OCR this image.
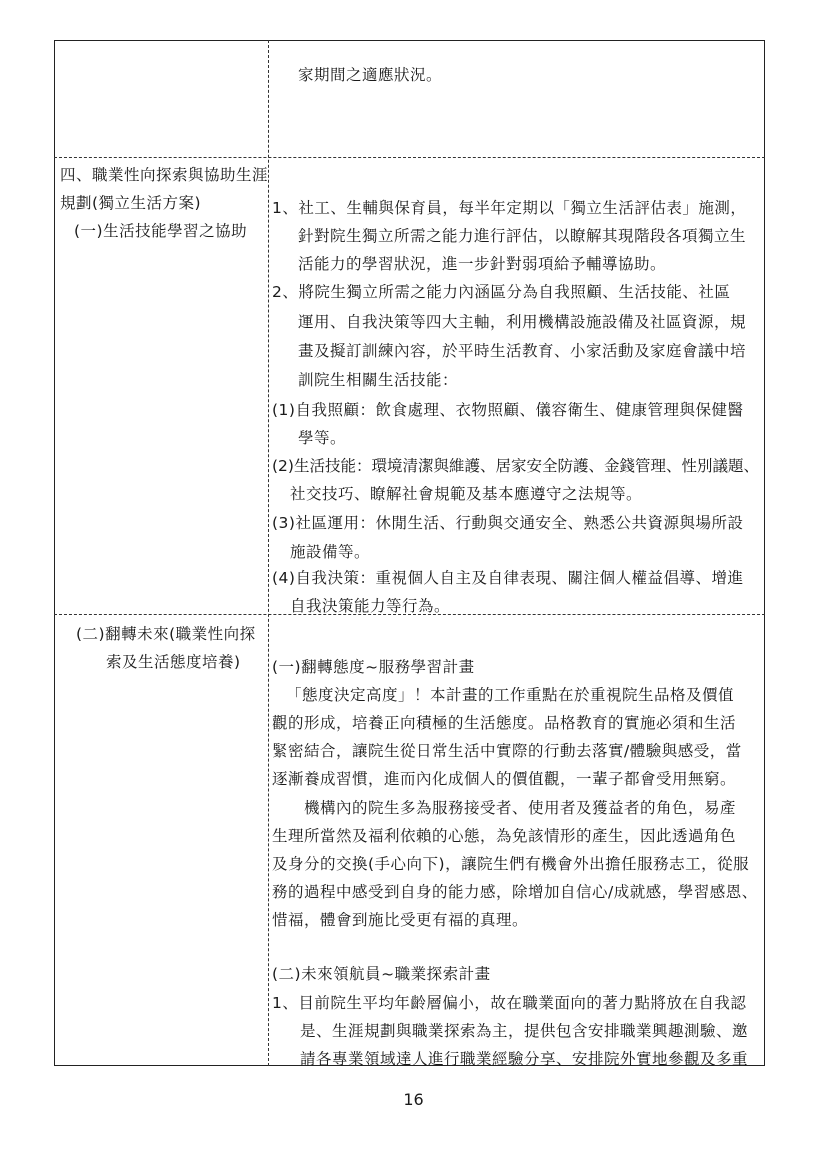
四、職業性向探索與協助生涯
規劃(獨立生活方案)
(一)生活技能學習之協助
(二)翻轉未來(職業性向探
索及生活態度培養)
家期間之適應狀況。
1、社工、生輔與保育員，每半年定期以「獨立生活評估表」施測，
針對院生獨立所需之能力進行評估，以瞭解其現階段各項獨立生
活能力的學習狀況，進一步針對弱項給予輔導協助。
2、將院生獨立所需之能力內涵區分為自我照顧、生活技能、社區
運用、自我決策等四大主軸，利用機構設施設備及社區資源，規
畫及擬訂訓練內容，於平時生活教育、小家活動及家庭會議中培
訓院生相關生活技能：
(1)自我照顧：飲食處理、衣物照顧、儀容衛生、健康管理與保健醫
學等。
(2)生活技能：環境清潔與維護、居家安全防護、金錢管理、性別議題、
社交技巧、瞭解社會規範及基本應遵守之法規等。
(3)社區運用：休閒生活、行動與交通安全、熟悉公共資源與場所設
施設備等。
(4)自我決策：重視個人自主及自律表現、關注個人權益倡導、增進
自我決策能力等行為。
(一)翻轉態度~服務學習計畫
「態度決定高度」！本計畫的工作重點在於重視院生品格及價值
觀的形成，培養正向積極的生活態度。品格教育的實施必須和生活
緊密結合，讓院生從日常生活中實際的行動去落實/體驗與感受，當
逐漸養成習慣，進而內化成個人的價值觀，一輩子都會受用無窮。
機構內的院生多為服務接受者、使用者及獲益者的角色，易產
生理所當然及福利依賴的心態，為免該情形的產生，因此透過角色
及身分的交換(手心向下)，讓院生們有機會外出擔任服務志工，從服
務的過程中感受到自身的能力感，除增加自信心/成就感，學習感恩、
惜福，體會到施比受更有福的真理。
(二)未來領航員~職業探索計畫
1、目前院生平均年齡層偏小，故在職業面向的著力點將放在自我認
是、生涯規劃與職業探索為主，提供包含安排職業興趣測驗、邀
請各專業領域達人進行職業經驗分享、安排院外實地參觀及多重
16
